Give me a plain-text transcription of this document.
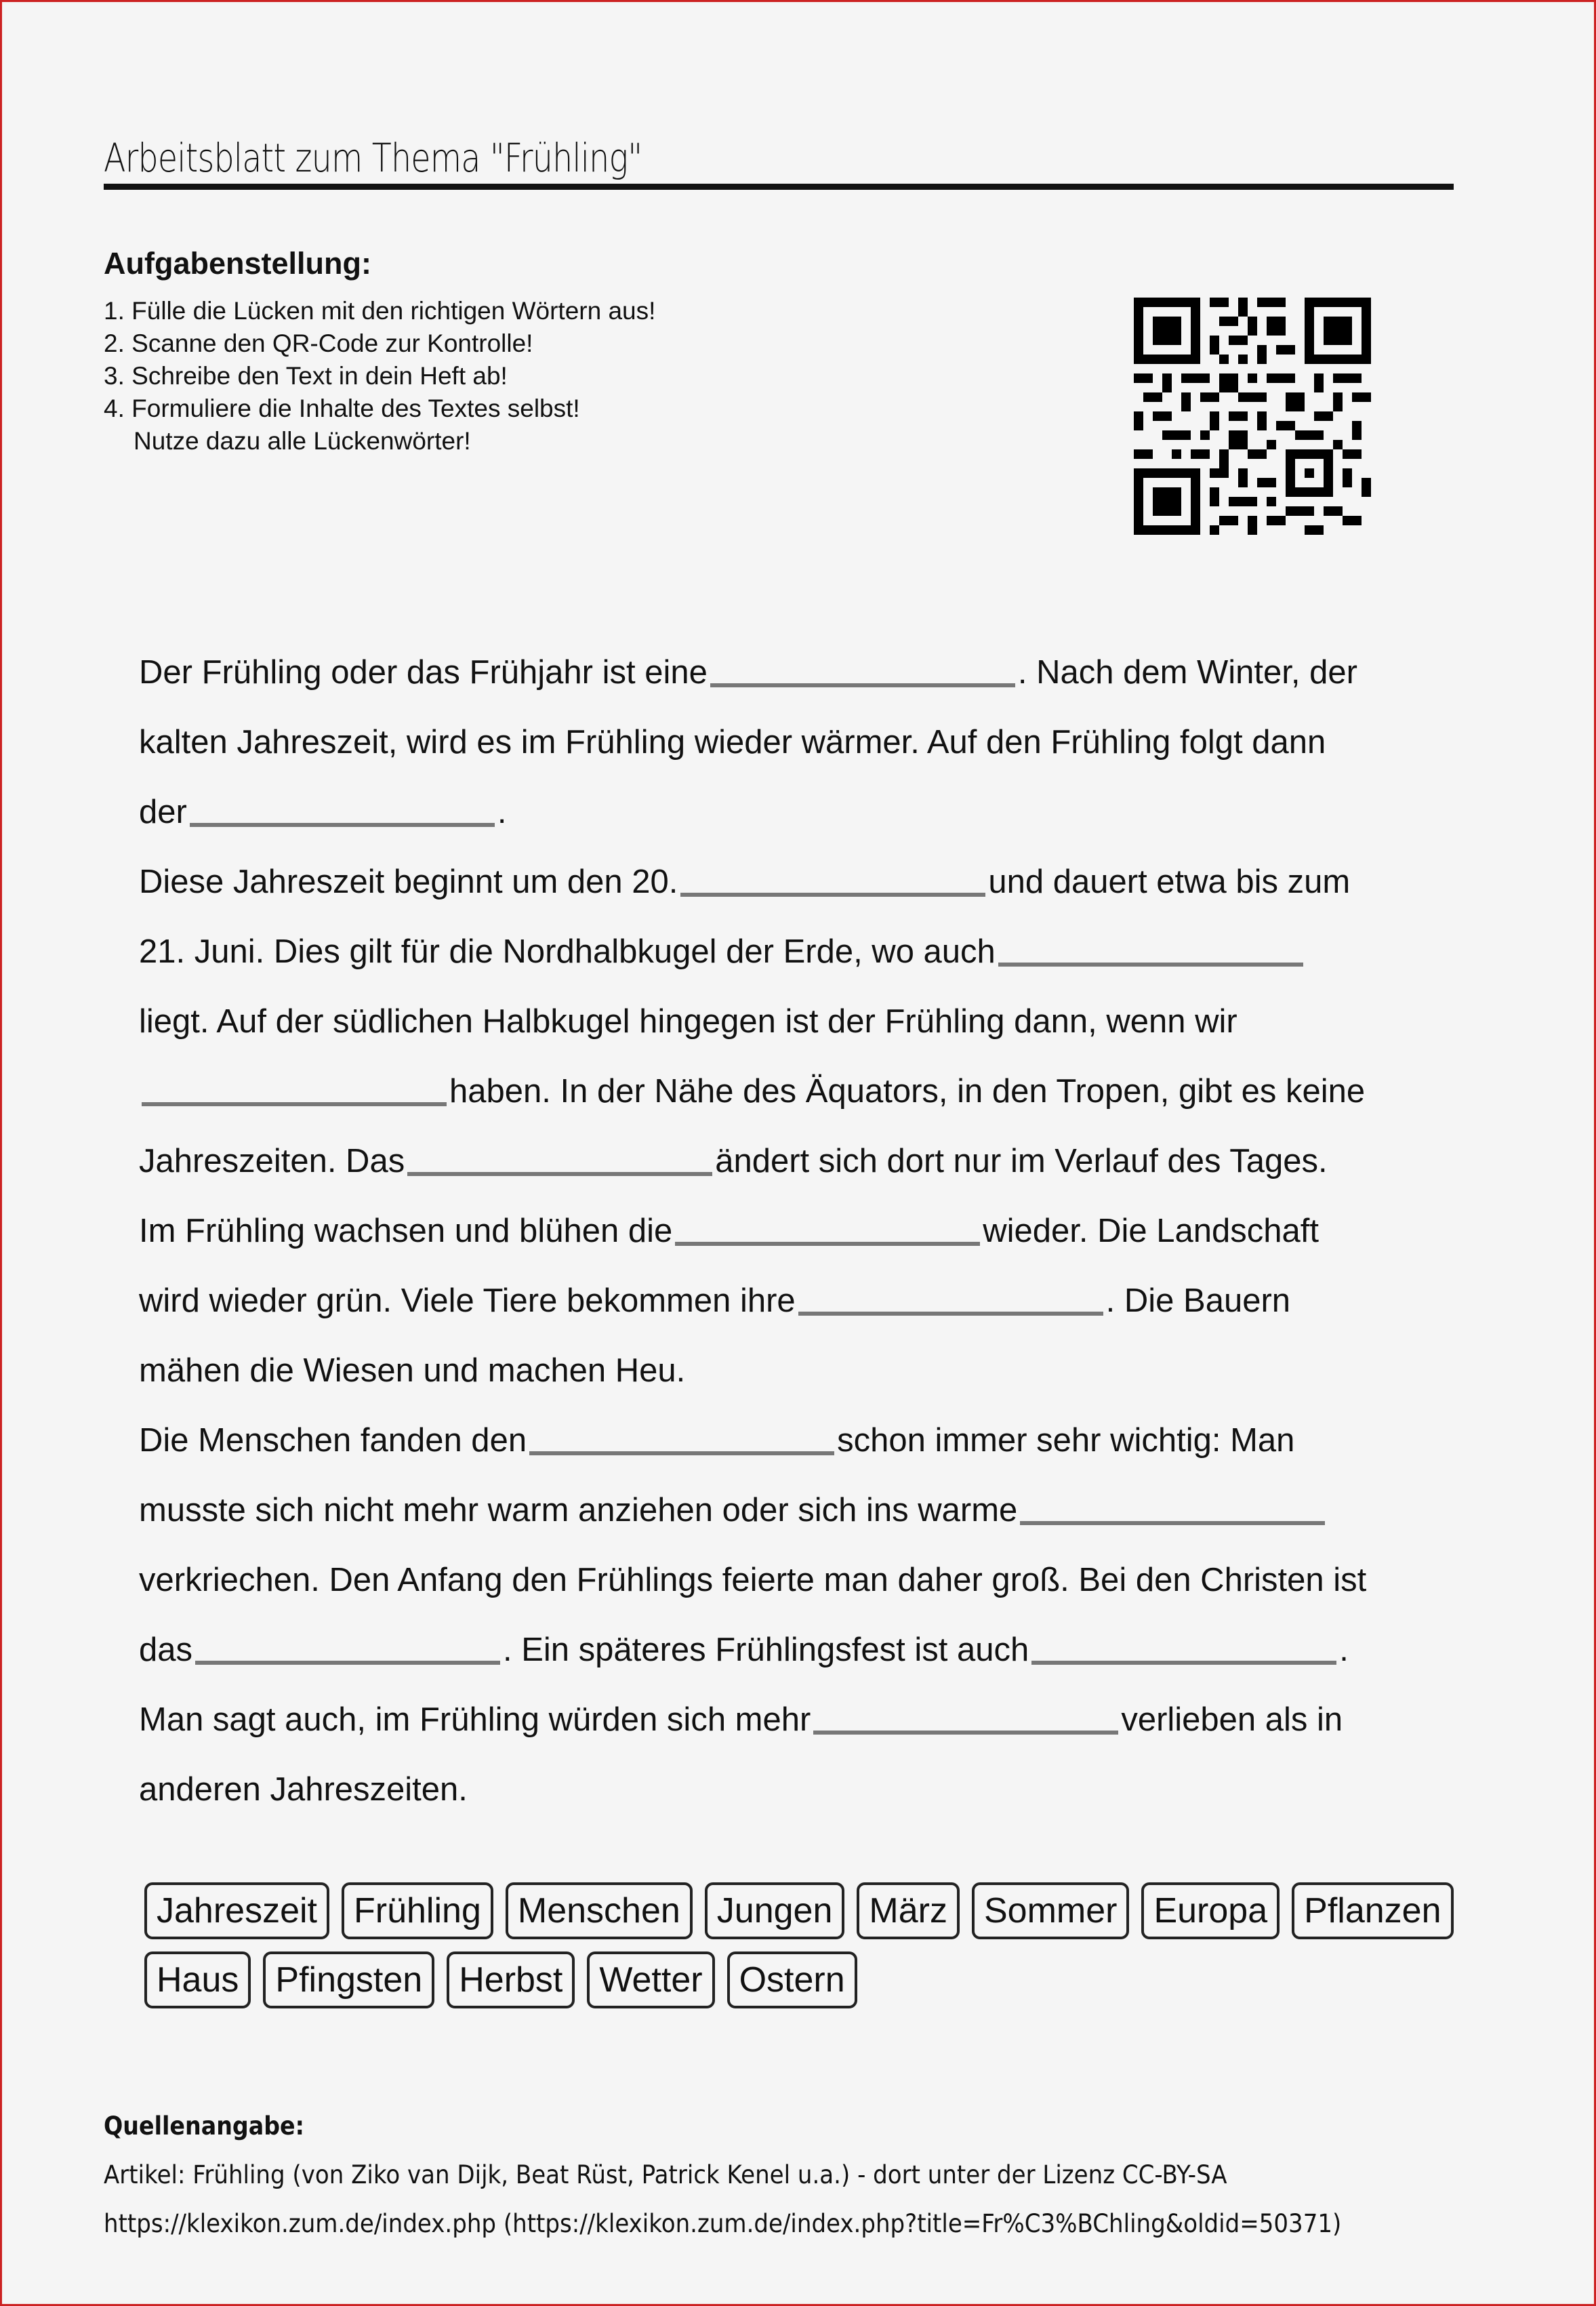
Arbeitsblatt zum Thema "Frühling"
Aufgabenstellung:
1. Fülle die Lücken mit den richtigen Wörtern aus!
2. Scanne den QR-Code zur Kontrolle!
3. Schreibe den Text in dein Heft ab!
4. Formuliere die Inhalte des Textes selbst!
Nutze dazu alle Lückenwörter!
Der Frühling oder das Frühjahr ist eine	. Nach dem Winter, der
kalten Jahreszeit, wird es im Frühling wieder wärmer. Auf den Frühling folgt dann
der	.
Diese Jahreszeit beginnt um den 20.	und dauert etwa bis zum
21. Juni. Dies gilt für die Nordhalbkugel der Erde, wo auch
liegt. Auf der südlichen Halbkugel hingegen ist der Frühling dann, wenn wir
haben. In der Nähe des Äquators, in den Tropen, gibt es keine
Jahreszeiten. Das	ändert sich dort nur im Verlauf des Tages.
Im Frühling wachsen und blühen die	wieder. Die Landschaft
wird wieder grün. Viele Tiere bekommen ihre	. Die Bauern
mähen die Wiesen und machen Heu.
Die Menschen fanden den	schon immer sehr wichtig: Man
musste sich nicht mehr warm anziehen oder sich ins warme
verkriechen. Den Anfang den Frühlings feierte man daher groß. Bei den Christen ist
das	. Ein späteres Frühlingsfest ist auch	.
Man sagt auch, im Frühling würden sich mehr	verlieben als in
anderen Jahreszeiten.
Jahreszeit	Frühling	Menschen	Jungen	März	Sommer	Europa	Pflanzen
Haus	Pfingsten	Herbst	Wetter	Ostern
Quellenangabe:
Artikel: Frühling (von Ziko van Dijk, Beat Rüst, Patrick Kenel u.a.) - dort unter der Lizenz CC-BY-SA
https://klexikon.zum.de/index.php (https://klexikon.zum.de/index.php?title=Fr%C3%BChling&oldid=50371)
